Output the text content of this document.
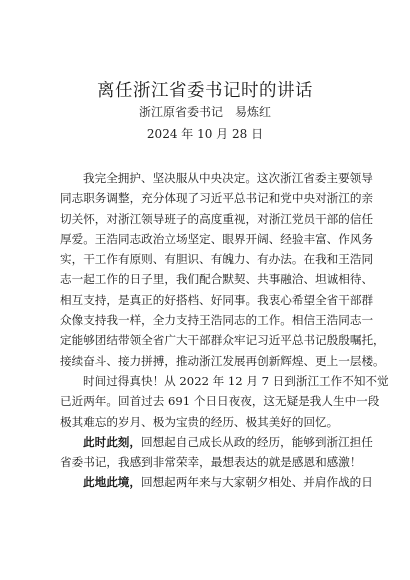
离任浙江省委书记时的讲话
浙江原省委书记　易炼红
2024 年 10 月 28 日
我完全拥护、坚决服从中央决定。这次浙江省委主要领导
同志职务调整，充分体现了习近平总书记和党中央对浙江的亲
切关怀，对浙江领导班子的高度重视，对浙江党员干部的信任
厚爱。王浩同志政治立场坚定、眼界开阔、经验丰富、作风务
实，干工作有原则、有胆识、有魄力、有办法。在我和王浩同
志一起工作的日子里，我们配合默契、共事融洽、坦诚相待、
相互支持，是真正的好搭档、好同事。我衷心希望全省干部群
众像支持我一样，全力支持王浩同志的工作。相信王浩同志一
定能够团结带领全省广大干部群众牢记习近平总书记殷殷嘱托，
接续奋斗、接力拼搏，推动浙江发展再创新辉煌、更上一层楼。
时间过得真快！从 2022 年 12 月 7 日到浙江工作不知不觉
已近两年。回首过去 691 个日日夜夜，这无疑是我人生中一段
极其难忘的岁月、极为宝贵的经历、极其美好的回忆。
此时此刻，回想起自己成长从政的经历，能够到浙江担任
省委书记，我感到非常荣幸，最想表达的就是感恩和感激！
此地此境，回想起两年来与大家朝夕相处、并肩作战的日
